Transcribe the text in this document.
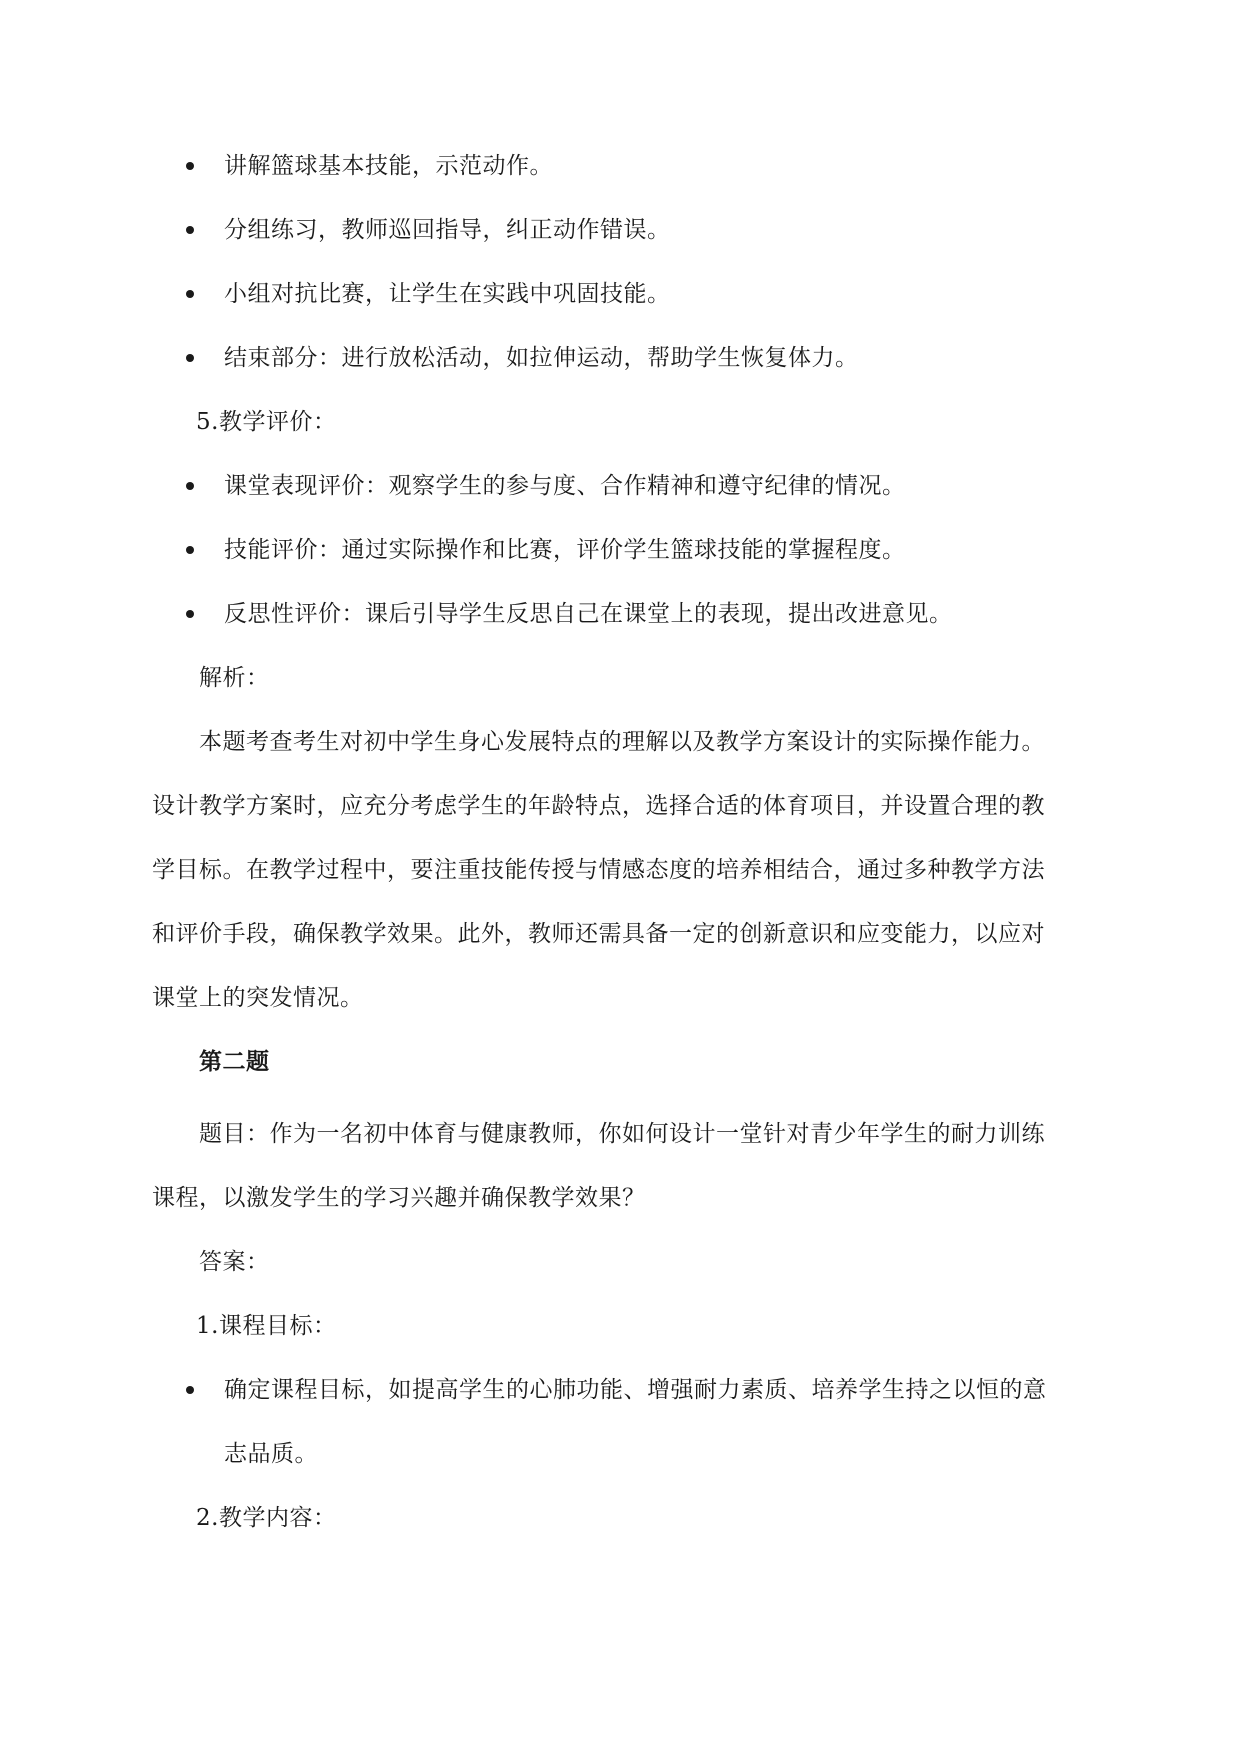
讲解篮球基本技能，示范动作。
分组练习，教师巡回指导，纠正动作错误。
小组对抗比赛，让学生在实践中巩固技能。
结束部分：进行放松活动，如拉伸运动，帮助学生恢复体力。
5.教学评价：
课堂表现评价：观察学生的参与度、合作精神和遵守纪律的情况。
技能评价：通过实际操作和比赛，评价学生篮球技能的掌握程度。
反思性评价：课后引导学生反思自己在课堂上的表现，提出改进意见。
解析：
本题考查考生对初中学生身心发展特点的理解以及教学方案设计的实际操作能力。
设计教学方案时，应充分考虑学生的年龄特点，选择合适的体育项目，并设置合理的教
学目标。在教学过程中，要注重技能传授与情感态度的培养相结合，通过多种教学方法
和评价手段，确保教学效果。此外，教师还需具备一定的创新意识和应变能力，以应对
课堂上的突发情况。
第二题
题目：作为一名初中体育与健康教师，你如何设计一堂针对青少年学生的耐力训练
课程，以激发学生的学习兴趣并确保教学效果？
答案：
1.课程目标：
确定课程目标，如提高学生的心肺功能、增强耐力素质、培养学生持之以恒的意
志品质。
2.教学内容：
